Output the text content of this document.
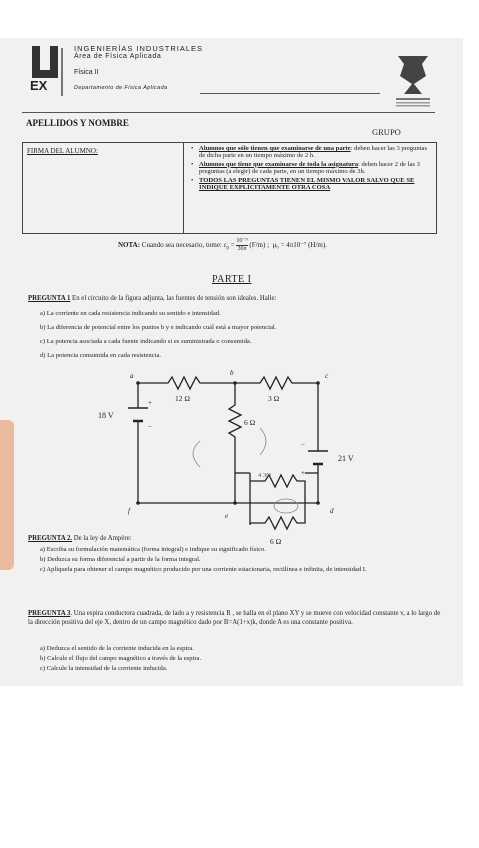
EX
INGENIERÍAS INDUSTRIALES
Área de Física Aplicada
Física II
Departamento de Física Aplicada
APELLIDOS Y NOMBRE
GRUPO
FIRMA DEL ALUMNO:
•	Alumnos que sólo tienen que examinarse de una parte: deben hacer las 3 preguntas de dicha parte en un tiempo máximo de 2 h.
• Alumnos que tiene que examinarse de toda la asignatura: deben hacer 2 de las 3 preguntas (a elegir) de cada parte, en un tiempo máximo de 3h.
• TODOS LAS PREGUNTAS TIENEN EL MISMO VALOR SALVO QUE SE INDIQUE EXPLÍCITAMENTE OTRA COSA
NOTA: Cuando sea necesario, tome: $\varepsilon_0 = \frac{\text{10⁻⁹}}{36\pi} (F/m)$ ; μ₀ = 4π10⁻⁷ (H/m).
PARTE I
PREGUNTA 1 En el circuito de la figura adjunta, las fuentes de tensión son ideales. Halle:
a) La corriente en cada resistencia indicando su sentido e intensidad.
b) La diferencia de potencial entre los puntos b y e indicando cuál está a mayor potencial.
c) La potencia asociada a cada fuente indicando si es suministrada o consumida.
d) La potencia consumida en cada resistencia.
a	b	c
d
e
f
12 Ω	3 Ω
6 Ω
6 Ω
4 3Ω
18 V
21 V
+
−
−
+
PREGUNTA 2. De la ley de Ampère:
a) Escriba su formulación matemática (forma integral) e indique su significado físico.
b) Deduzca su forma diferencial a partir de la forma integral.
c) Aplíquela para obtener el campo magnético producido por una corriente estacionaria, rectilínea e infinita, de intensidad I.
PREGUNTA 3. Una espira conductora cuadrada, de lado a y resistencia R , se halla en el plano XY y se mueve con velocidad constante v, a lo largo de la dirección positiva del eje X, dentro de un campo magnético dado por B=A(1+x)k, donde A es una constante positiva.
a) Deduzca el sentido de la corriente inducida en la espira.
b) Calcule el flujo del campo magnético a través de la espira.
c) Calcule la intensidad de la corriente inducida.
